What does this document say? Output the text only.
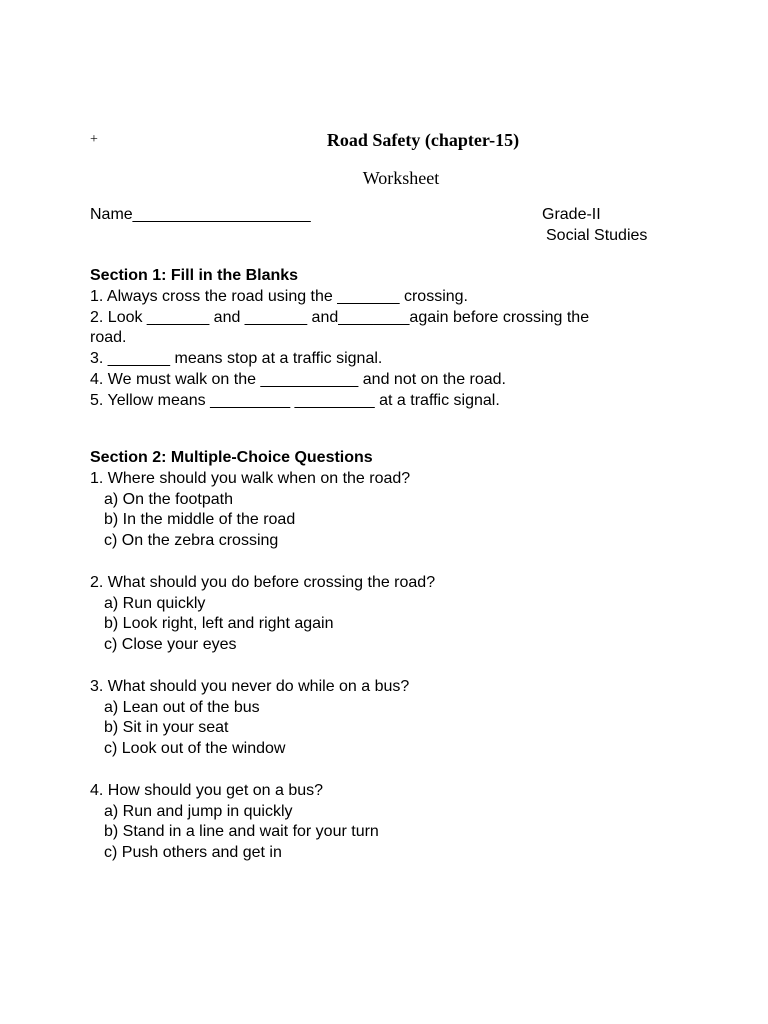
+	Road Safety (chapter-15)
Worksheet
Name____________________	Grade-II
Social Studies
Section 1: Fill in the Blanks
1. Always cross the road using the _______ crossing.
2. Look _______ and _______ and________again before crossing the
road.
3. _______ means stop at a traffic signal.
4. We must walk on the ___________ and not on the road.
5. Yellow means _________ _________ at a traffic signal.
Section 2: Multiple-Choice Questions
1. Where should you walk when on the road?
a) On the footpath
b) In the middle of the road
c) On the zebra crossing
2. What should you do before crossing the road?
a) Run quickly
b) Look right, left and right again
c) Close your eyes
3. What should you never do while on a bus?
a) Lean out of the bus
b) Sit in your seat
c) Look out of the window
4. How should you get on a bus?
a) Run and jump in quickly
b) Stand in a line and wait for your turn
c) Push others and get in
